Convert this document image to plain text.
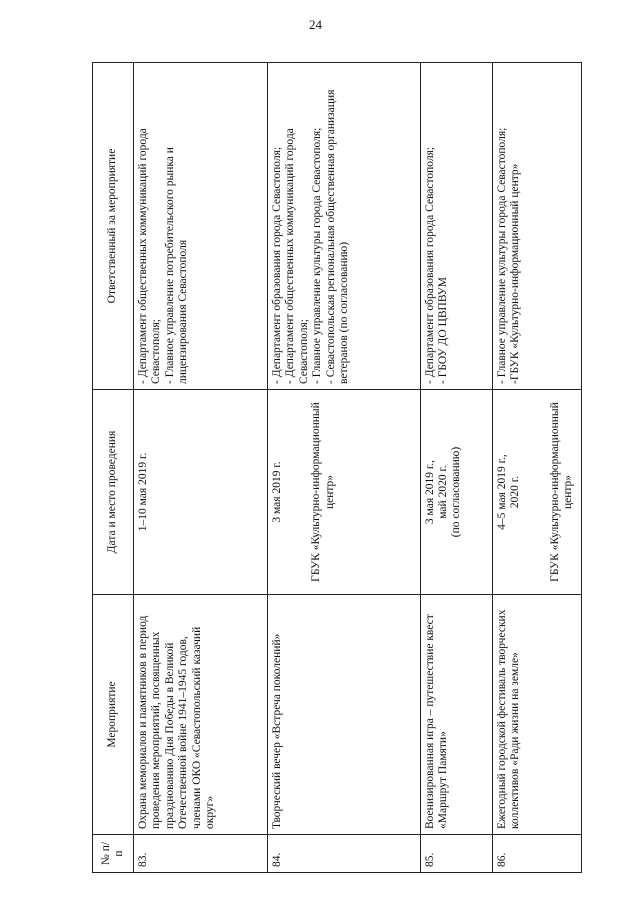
24
№ п/п	Мероприятие	Дата и место проведения	Ответственный за мероприятие
83.	Охрана мемориалов и памятников в период проведения мероприятий, посвященных празднованию Дня Победы в Великой Отечественной войне 1941–1945 годов, членами ОКО «Севастопольский казачий округ»	1–10 мая 2019 г.	- Департамент общественных коммуникаций города Севастополя; - Главное управление потребительского рынка и лицензирования Севастополя

84.	Творческий вечер «Встреча поколений»	3 мая 2019 г. ГБУК «Культурно-информационный центр»	- Департамент образования города Севастополя; - Департамент общественных коммуникаций города Севастополя; - Главное управление культуры города Севастополя; - Севастопольская региональная общественная организация ветеранов (по согласованию)

85.	Военизированная игра – путешествие квест «Маршрут Памяти»	3 мая 2019 г., май 2020 г. (по согласованию)	- Департамент образования города Севастополя; - ГБОУ ДО ЦВПВУМ

86.	Ежегодный городской фестиваль творческих коллективов «Ради жизни на земле»	4–5 мая 2019 г., 2020 г. ГБУК «Культурно-информационный центр»	- Главное управление культуры города Севастополя; -ГБУК «Культурно-информационный центр»
